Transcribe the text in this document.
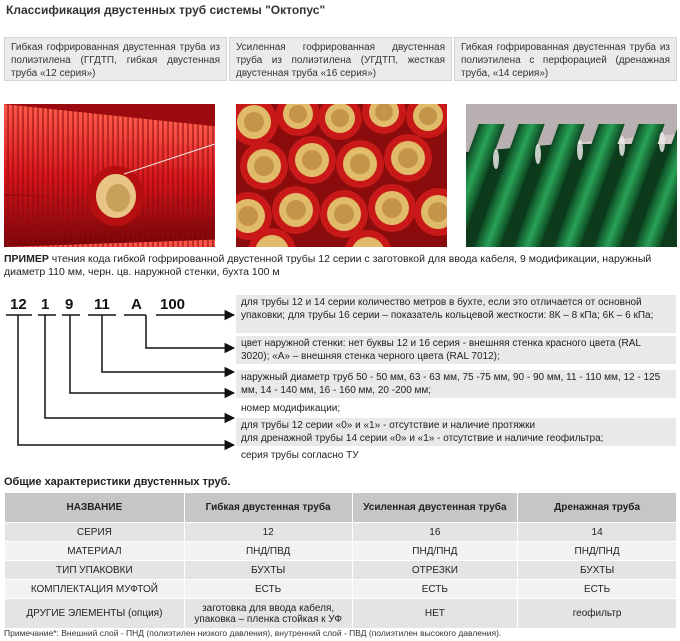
Классификация двустенных труб системы "Октопус"
Гибкая гофрированная двустенная труба из полиэтилена (ГГДТП, гибкая двустенная труба «12 серия»)
Усиленная гофрированная двустенная труба из полиэтилена (УГДТП, жесткая двустенная труба «16 серия»)
Гибкая гофрированная двустенная труба из полиэтилена с перфорацией (дренажная труба, «14 серия»)
ПРИМЕР чтения кода гибкой гофрированной двустенной трубы 12 серии с заготовкой для ввода кабеля, 9 модификации, наружный диаметр 110 мм, черн. цв. наружной стенки, бухта 100 м
12 1 9 11 А 100	для трубы 12 и 14 серии количество метров в бухте, если это отличается от основной упаковки; для трубы 16 серии – показатель кольцевой жесткости: 8К – 8 кПа; 6К – 6 кПа;
цвет наружной стенки: нет буквы 12 и 16 серия - внешняя стенка красного цвета (RAL 3020); «А» – внешняя стенка черного цвета (RAL 7012);
наружный диаметр труб 50 - 50 мм, 63 - 63 мм, 75 -75 мм, 90 - 90 мм, 11 - 110 мм, 12 - 125 мм, 14 - 140 мм, 16 - 160 мм, 20 -200 мм;
номер модификации;
для трубы 12 серии «0» и «1» - отсутствие и наличие протяжки
для дренажной трубы 14 серии «0» и «1» - отсутствие и наличие геофильтра;
серия трубы согласно ТУ
Общие характеристики двустенных труб.
НАЗВАНИЕ	Гибкая двустенная труба	Усиленная двустенная труба	Дренажная труба
СЕРИЯ	12	16	14
МАТЕРИАЛ	ПНД/ПВД	ПНД/ПНД	ПНД/ПНД
ТИП УПАКОВКИ	БУХТЫ	ОТРЕЗКИ	БУХТЫ
КОМПЛЕКТАЦИЯ МУФТОЙ	ЕСТЬ	ЕСТЬ	ЕСТЬ
ДРУГИЕ ЭЛЕМЕНТЫ (опция)	заготовка для ввода кабеля, упаковка – пленка стойкая к УФ	НЕТ	геофильтр
Примечание*: Внешний слой - ПНД (полиэтилен низкого давления), внутренний слой - ПВД (полиэтилен высокого давления).
